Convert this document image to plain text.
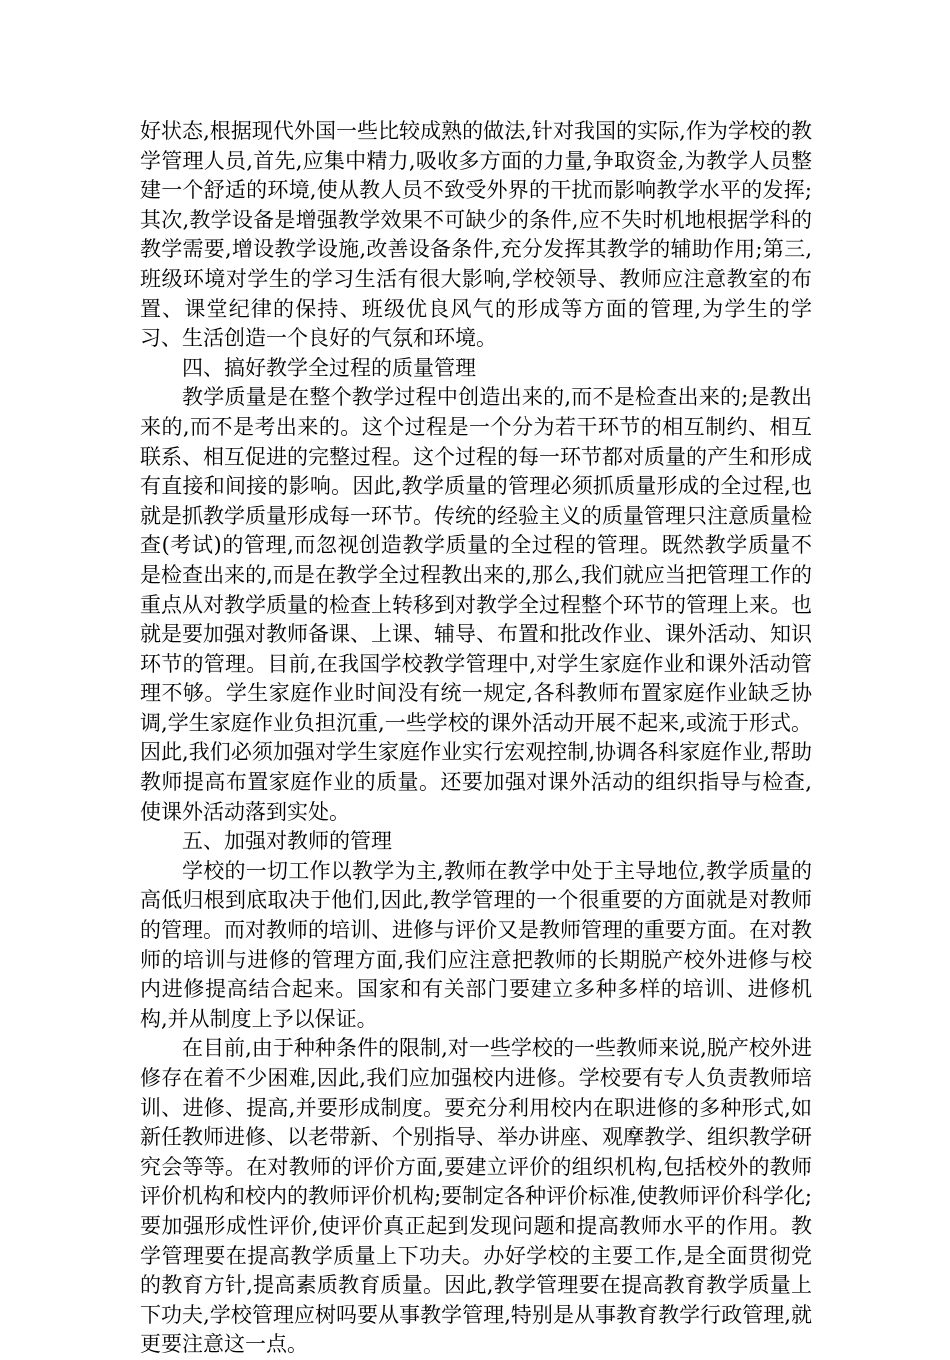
好状态,根据现代外国一些比较成熟的做法,针对我国的实际,作为学校的教学管理人员,首先,应集中精力,吸收多方面的力量,争取资金,为教学人员整建一个舒适的环境,使从教人员不致受外界的干扰而影响教学水平的发挥;其次,教学设备是增强教学效果不可缺少的条件,应不失时机地根据学科的教学需要,增设教学设施,改善设备条件,充分发挥其教学的辅助作用;第三,班级环境对学生的学习生活有很大影响,学校领导、教师应注意教室的布置、课堂纪律的保持、班级优良风气的形成等方面的管理,为学生的学习、生活创造一个良好的气氛和环境。

四、搞好教学全过程的质量管理

教学质量是在整个教学过程中创造出来的,而不是检查出来的;是教出来的,而不是考出来的。这个过程是一个分为若干环节的相互制约、相互联系、相互促进的完整过程。这个过程的每一环节都对质量的产生和形成有直接和间接的影响。因此,教学质量的管理必须抓质量形成的全过程,也就是抓教学质量形成每一环节。传统的经验主义的质量管理只注意质量检查(考试)的管理,而忽视创造教学质量的全过程的管理。既然教学质量不是检查出来的,而是在教学全过程教出来的,那么,我们就应当把管理工作的重点从对教学质量的检查上转移到对教学全过程整个环节的管理上来。也就是要加强对教师备课、上课、辅导、布置和批改作业、课外活动、知识环节的管理。目前,在我国学校教学管理中,对学生家庭作业和课外活动管理不够。学生家庭作业时间没有统一规定,各科教师布置家庭作业缺乏协调,学生家庭作业负担沉重,一些学校的课外活动开展不起来,或流于形式。因此,我们必须加强对学生家庭作业实行宏观控制,协调各科家庭作业,帮助教师提高布置家庭作业的质量。还要加强对课外活动的组织指导与检查,使课外活动落到实处。

五、加强对教师的管理

学校的一切工作以教学为主,教师在教学中处于主导地位,教学质量的高低归根到底取决于他们,因此,教学管理的一个很重要的方面就是对教师的管理。而对教师的培训、进修与评价又是教师管理的重要方面。在对教师的培训与进修的管理方面,我们应注意把教师的长期脱产校外进修与校内进修提高结合起来。国家和有关部门要建立多种多样的培训、进修机构,并从制度上予以保证。

在目前,由于种种条件的限制,对一些学校的一些教师来说,脱产校外进修存在着不少困难,因此,我们应加强校内进修。学校要有专人负责教师培训、进修、提高,并要形成制度。要充分利用校内在职进修的多种形式,如新任教师进修、以老带新、个别指导、举办讲座、观摩教学、组织教学研究会等等。在对教师的评价方面,要建立评价的组织机构,包括校外的教师评价机构和校内的教师评价机构;要制定各种评价标准,使教师评价科学化;要加强形成性评价,使评价真正起到发现问题和提高教师水平的作用。教学管理要在提高教学质量上下功夫。办好学校的主要工作,是全面贯彻党的教育方针,提高素质教育质量。因此,教学管理要在提高教育教学质量上下功夫,学校管理应树吗要从事教学管理,特别是从事教育教学行政管理,就更要注意这一点。
